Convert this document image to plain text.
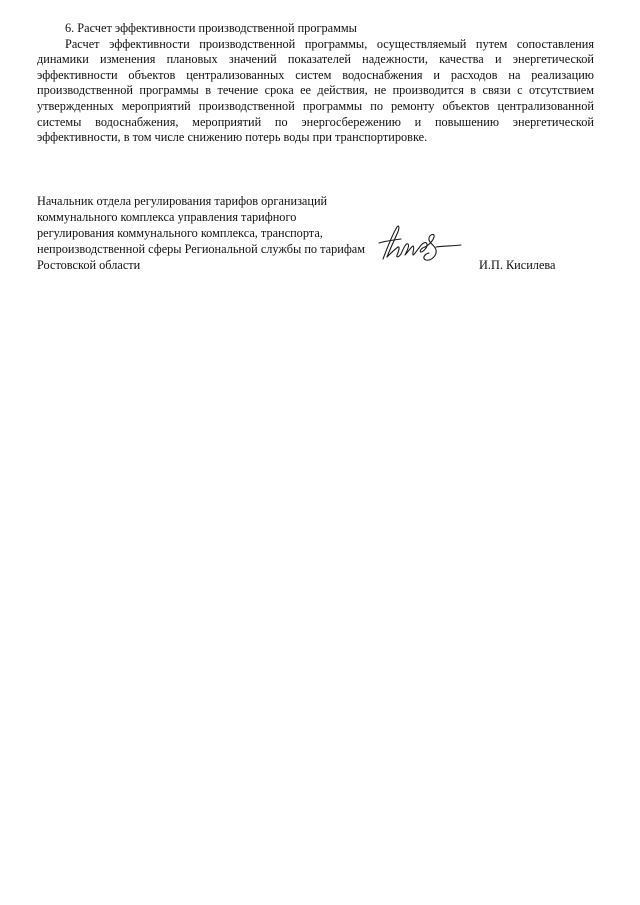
6. Расчет эффективности производственной программы

Расчет эффективности производственной программы, осуществляемый путем сопоставления динамики изменения плановых значений показателей надежности, качества и энергетической эффективности объектов централизованных систем водоснабжения и расходов на реализацию производственной программы в течение срока ее действия, не производится в связи с отсутствием утвержденных мероприятий производственной программы по ремонту объектов централизованной системы водоснабжения, мероприятий по энергосбережению и повышению энергетической эффективности, в том числе снижению потерь воды при транспортировке.

Начальник отдела регулирования тарифов организаций коммунального комплекса управления тарифного регулирования коммунального комплекса, транспорта, непроизводственной сферы Региональной службы по тарифам Ростовской области	И.П. Кисилева
